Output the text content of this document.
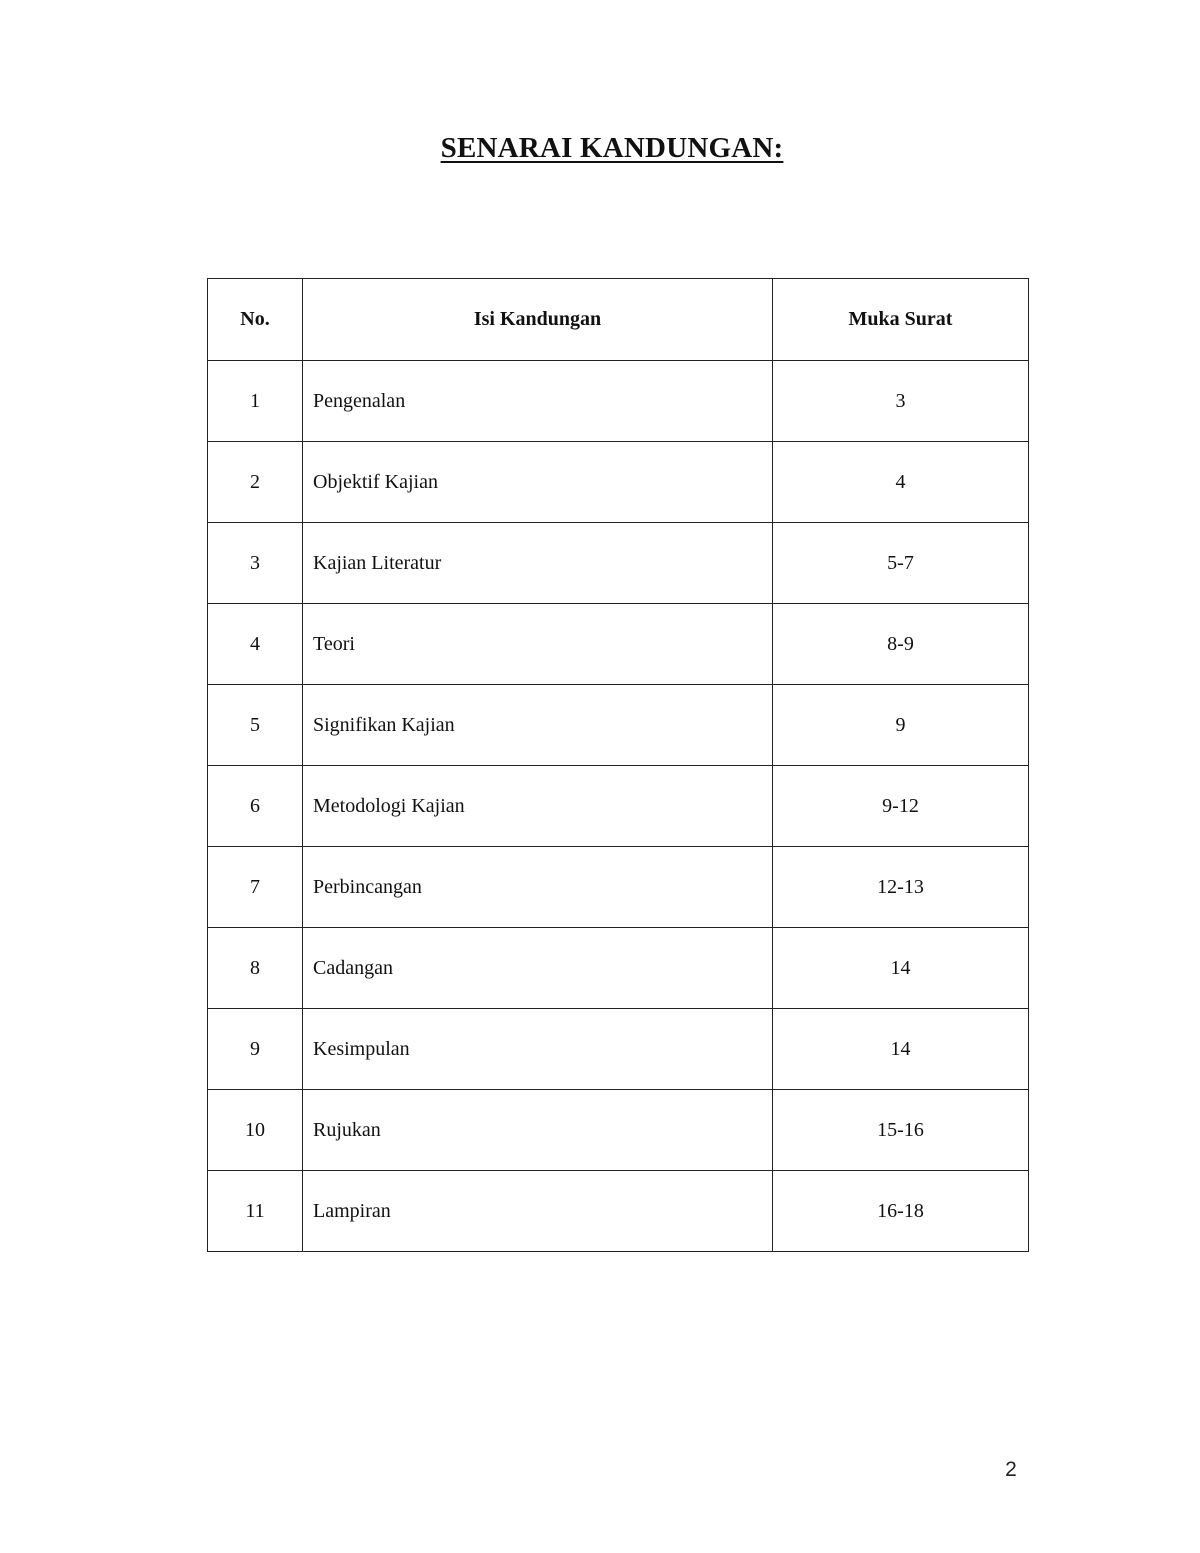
SENARAI KANDUNGAN:
No.	Isi Kandungan	Muka Surat
1	Pengenalan	3
2	Objektif Kajian	4
3	Kajian Literatur	5-7
4	Teori	8-9
5	Signifikan Kajian	9
6	Metodologi Kajian	9-12
7	Perbincangan	12-13
8	Cadangan	14
9	Kesimpulan	14
10	Rujukan	15-16
11	Lampiran	16-18
2
